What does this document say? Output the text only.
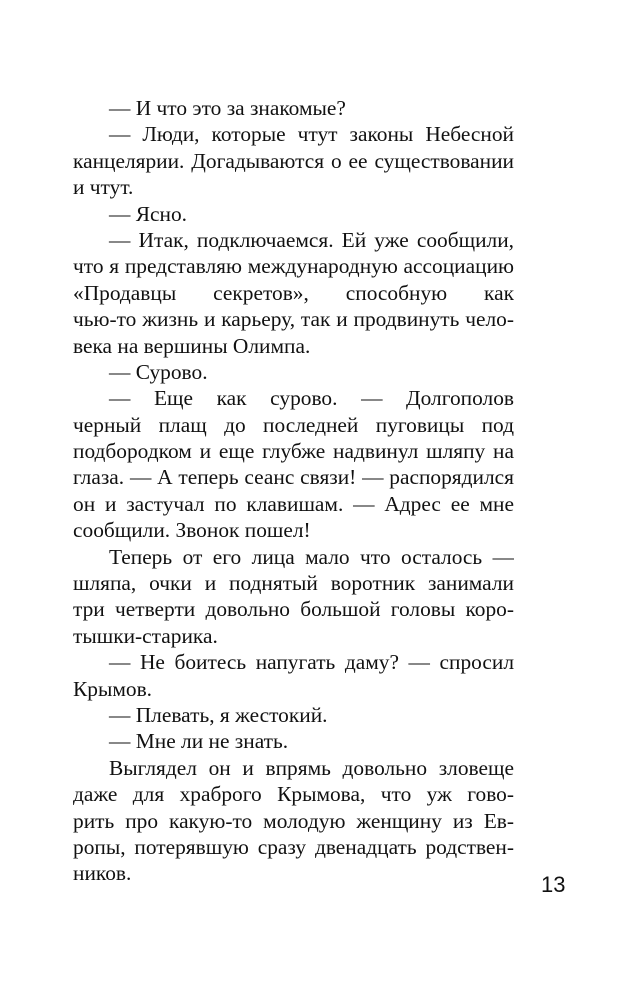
— И что это за знакомые?
— Люди, которые чтут законы Небесной
канцелярии. Догадываются о ее существовании
и чтут.
— Ясно.
— Итак, подключаемся. Ей уже сообщили,
что я представляю международную ассоциацию
«Продавцы секретов», способную как
чью-то жизнь и карьеру, так и продвинуть чело-
века на вершины Олимпа.
— Сурово.
— Еще как сурово. — Долгополов
черный плащ до последней пуговицы под
подбородком и еще глубже надвинул шляпу на
глаза. — А теперь сеанс связи! — распорядился
он и застучал по клавишам. — Адрес ее мне
сообщили. Звонок пошел!
Теперь от его лица мало что осталось —
шляпа, очки и поднятый воротник занимали
три четверти довольно большой головы коро-
тышки-старика.
— Не боитесь напугать даму? — спросил
Крымов.
— Плевать, я жестокий.
— Мне ли не знать.
Выглядел он и впрямь довольно зловеще
даже для храброго Крымова, что уж гово-
рить про какую-то молодую женщину из Ев-
ропы, потерявшую сразу двенадцать родствен-
ников.	13
